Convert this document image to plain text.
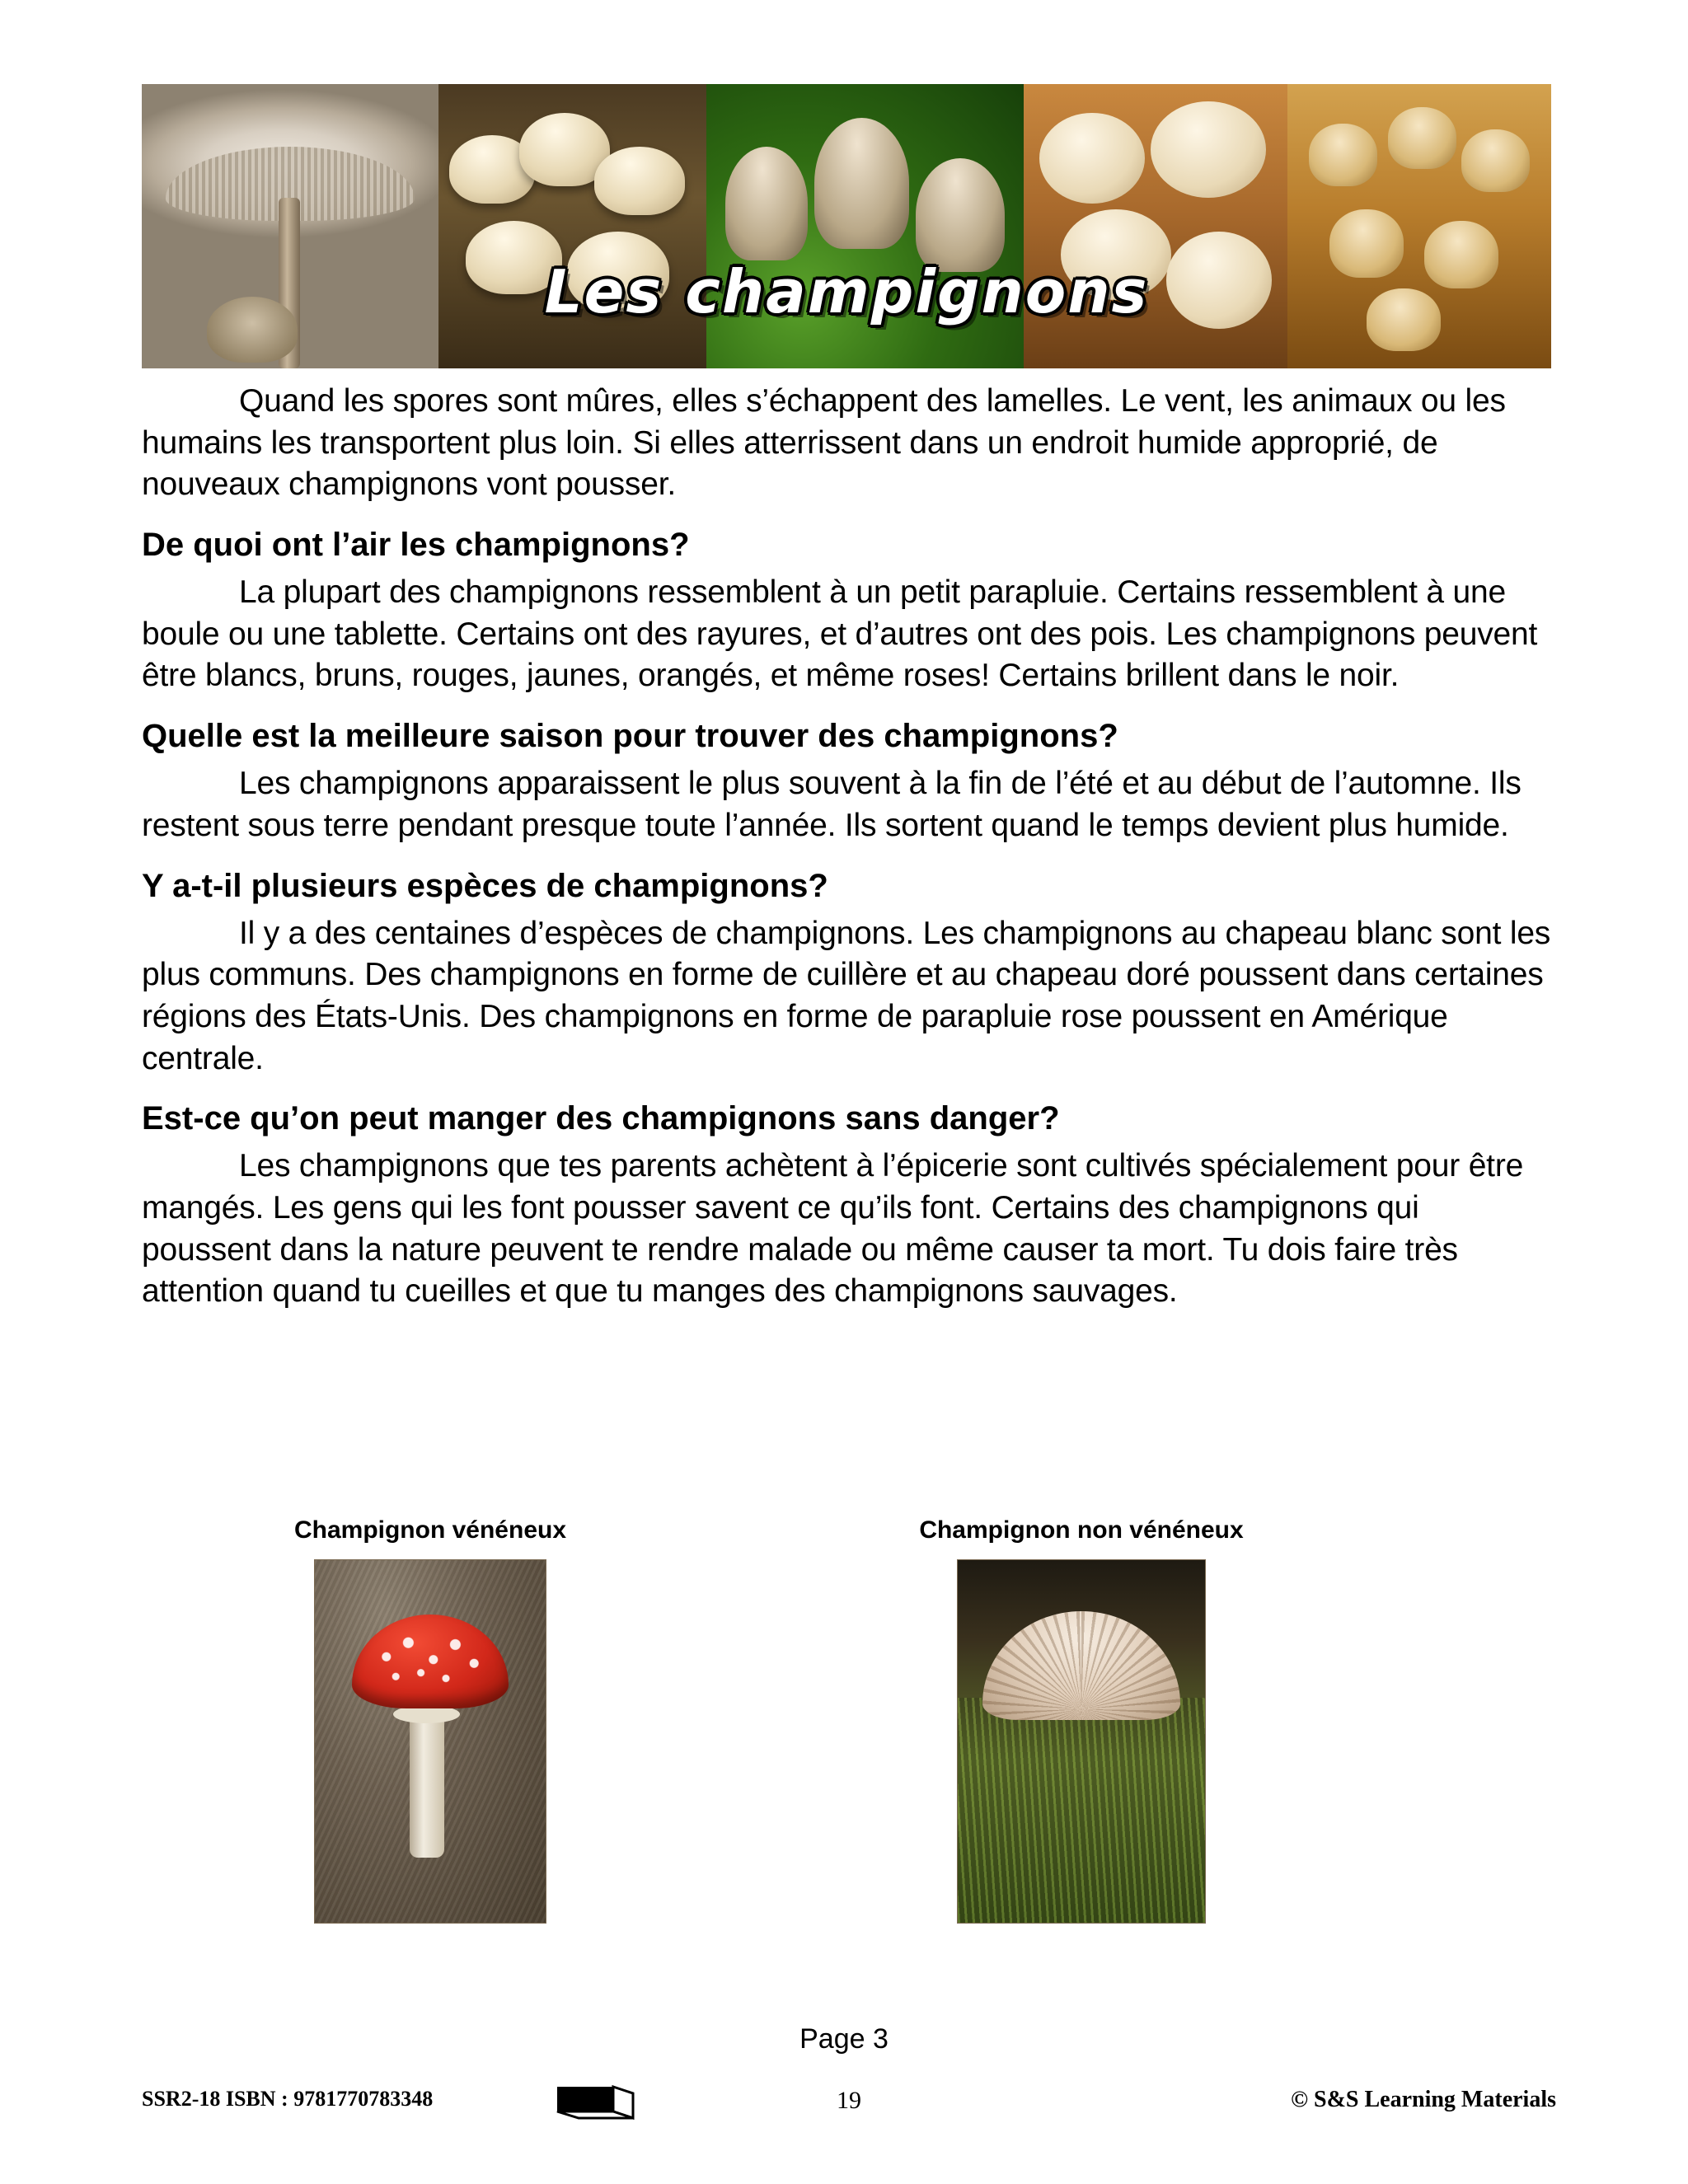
Les champignons

Quand les spores sont mûres, elles s’échappent des lamelles. Le vent, les animaux ou les humains les transportent plus loin. Si elles atterrissent dans un endroit humide approprié, de nouveaux champignons vont pousser.

De quoi ont l’air les champignons?

La plupart des champignons ressemblent à un petit parapluie. Certains ressemblent à une boule ou une tablette. Certains ont des rayures, et d’autres ont des pois. Les champignons peuvent être blancs, bruns, rouges, jaunes, orangés, et même roses! Certains brillent dans le noir.

Quelle est la meilleure saison pour trouver des champignons?

Les champignons apparaissent le plus souvent à la fin de l’été et au début de l’automne. Ils restent sous terre pendant presque toute l’année. Ils sortent quand le temps devient plus humide.

Y a-t-il plusieurs espèces de champignons?

Il y a des centaines d’espèces de champignons. Les champignons au chapeau blanc sont les plus communs. Des champignons en forme de cuillère et au chapeau doré poussent dans certaines régions des États-Unis. Des champignons en forme de parapluie rose poussent en Amérique centrale.

Est-ce qu’on peut manger des champignons sans danger?

Les champignons que tes parents achètent à l’épicerie sont cultivés spécialement pour être mangés. Les gens qui les font pousser savent ce qu’ils font. Certains des champignons qui poussent dans la nature peuvent te rendre malade ou même causer ta mort. Tu dois faire très attention quand tu cueilles et que tu manges des champignons sauvages.

Champignon vénéneux	Champignon non vénéneux
Page 3
SSR2-18 ISBN : 9781770783348	19	© S&S Learning Materials
